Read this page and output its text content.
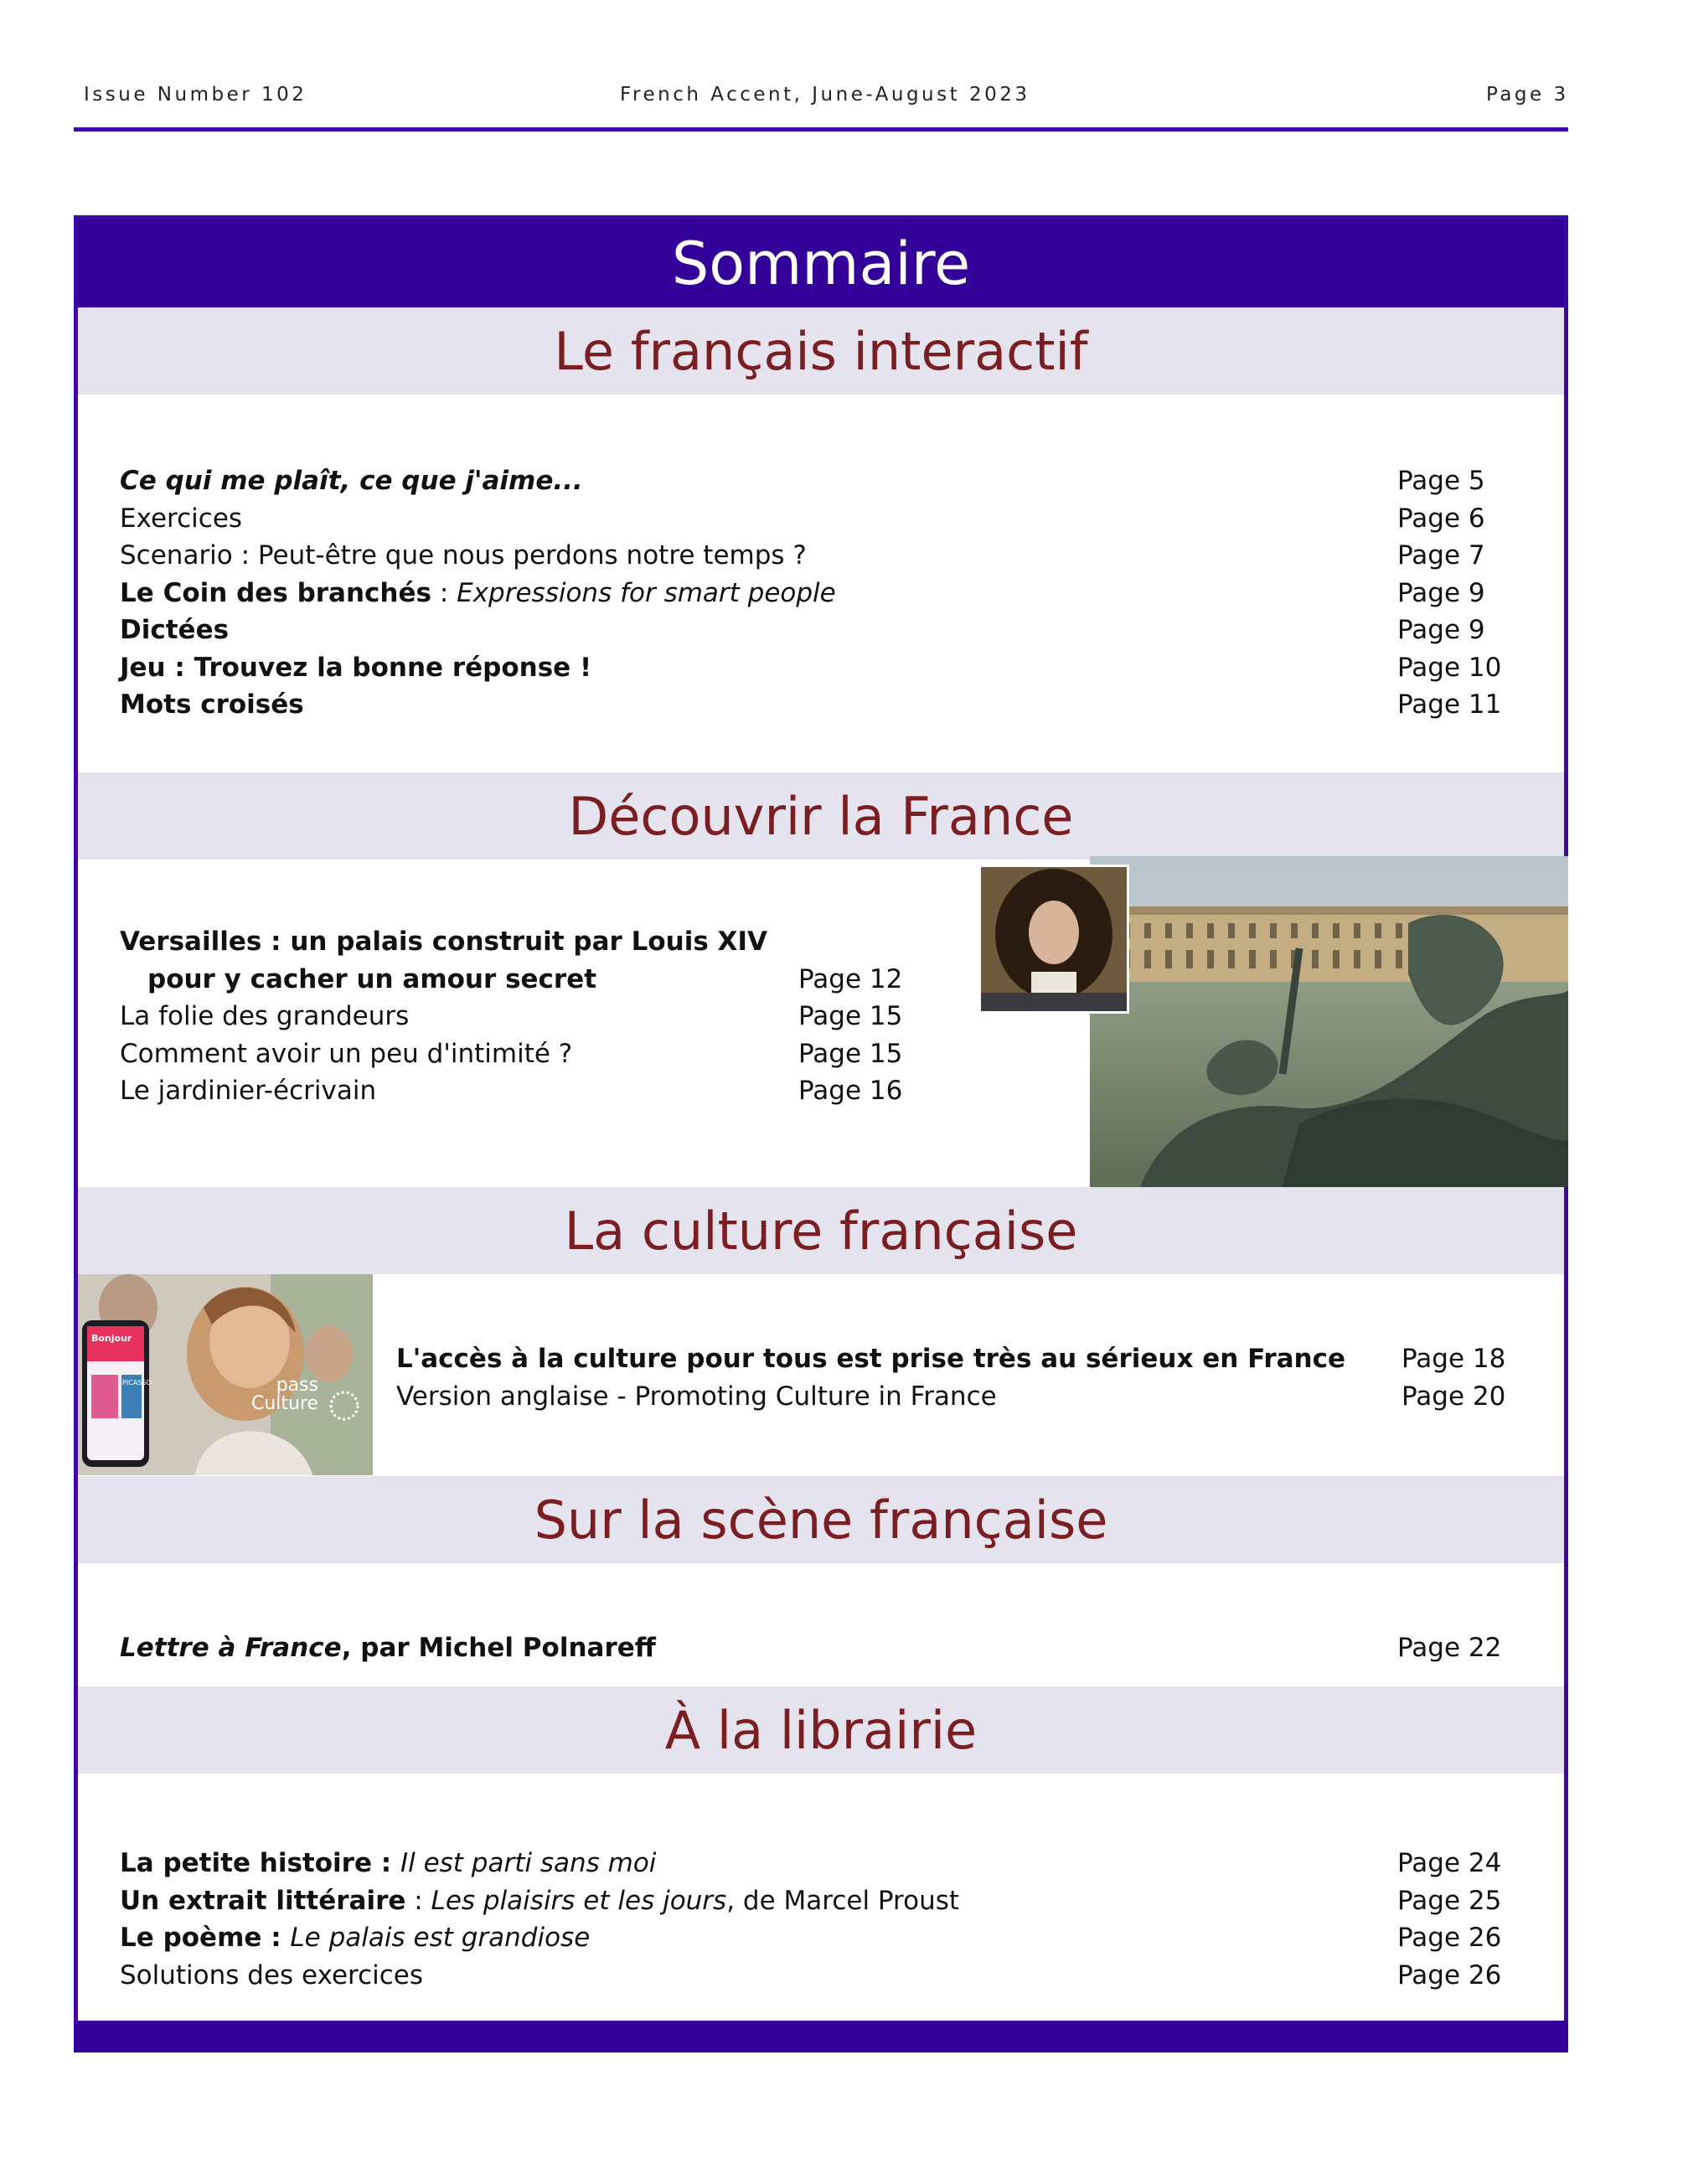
Issue Number 102	French Accent, June-August 2023	Page 3
Sommaire
Le français interactif
Ce qui me plaît, ce que j'aime...	Page 5
Exercices	Page 6
Scenario : Peut-être que nous perdons notre temps ?	Page 7
Le Coin des branchés : Expressions for smart people	Page 9
Dictées	Page 9
Jeu : Trouvez la bonne réponse !	Page 10
Mots croisés	Page 11
Découvrir la France
Versailles : un palais construit par Louis XIV
pour y cacher un amour secret	Page 12
La folie des grandeurs	Page 15
Comment avoir un peu d'intimité ?	Page 15
Le jardinier-écrivain	Page 16
La culture française
Bonjour
PICASSO	pass
Culture
L'accès à la culture pour tous est prise très au sérieux en France Page 18
Version anglaise - Promoting Culture in France	Page 20
Sur la scène française
Lettre à France, par Michel Polnareff	Page 22
À la librairie
La petite histoire : Il est parti sans moi	Page 24
Un extrait littéraire : Les plaisirs et les jours, de Marcel Proust	Page 25
Le poème : Le palais est grandiose	Page 26
Solutions des exercices	Page 26
